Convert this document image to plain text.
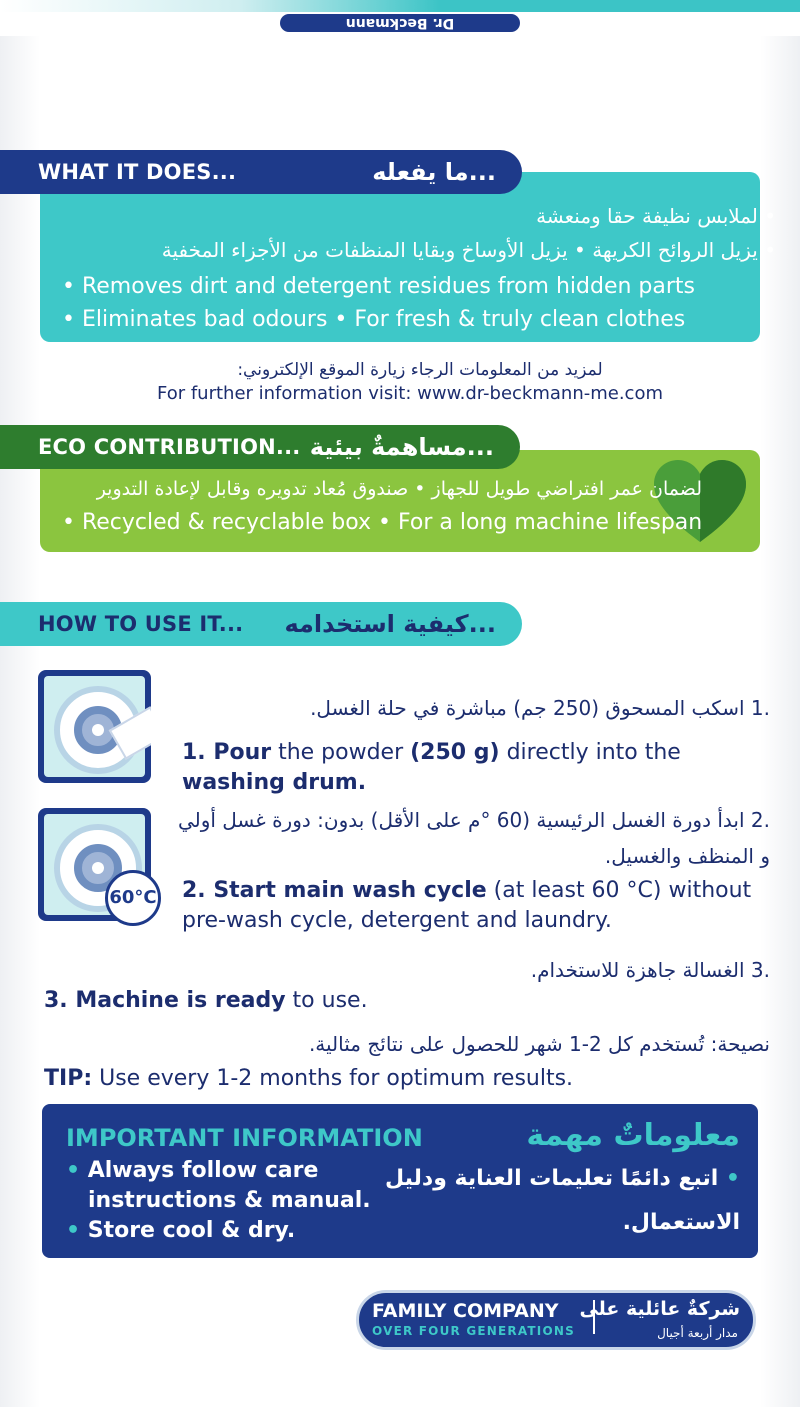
Dr. Beckmann
WHAT IT DOES...	ما يفعله...
• لملابس نظيفة حقا ومنعشة
• يزيل الروائح الكريهة • يزيل الأوساخ وبقايا المنظفات من الأجزاء المخفية
• Removes dirt and detergent residues from hidden parts
• Eliminates bad odours • For fresh & truly clean clothes
لمزيد من المعلومات الرجاء زيارة الموقع الإلكتروني:
For further information visit: www.dr-beckmann-me.com
ECO CONTRIBUTION... مساهمةٌ بيئية...
لضمان عمر افتراضي طويل للجهاز • صندوق مُعاد تدويره وقابل لإعادة التدوير
• Recycled & recyclable box • For a long machine lifespan
HOW TO USE IT... كيفية استخدامه...
.1 اسكب المسحوق (250 جم) مباشرة في حلة الغسل.
1. Pour the powder (250 g) directly into the
washing drum.
60°C
.2 ابدأ دورة الغسل الرئيسية (60 °م على الأقل) بدون: دورة غسل أولي
و المنظف والغسيل.
2. Start main wash cycle (at least 60 °C) without
pre-wash cycle, detergent and laundry.
.3 الغسالة جاهزة للاستخدام.
3. Machine is ready to use.
نصيحة: تُستخدم كل 2-1 شهر للحصول على نتائج مثالية.
TIP: Use every 1-2 months for optimum results.
IMPORTANT INFORMATION	معلوماتٌ مهمة
• Always follow care
instructions & manual.
• Store cool & dry.
• اتبع دائمًا تعليمات العناية ودليل
الاستعمال.
FAMILY COMPANY
OVER FOUR GENERATIONS
شركةٌ عائلية على
مدار أربعة أجيال
